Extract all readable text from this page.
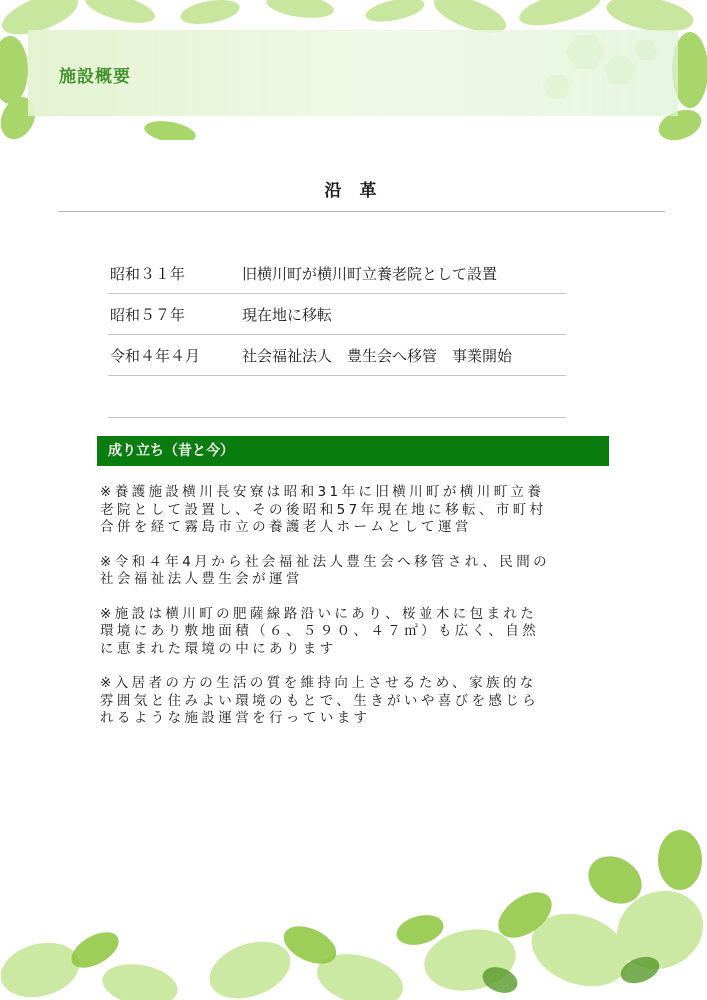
施設概要
沿 革
昭和３１年	旧横川町が横川町立養老院として設置
昭和５７年	現在地に移転
令和４年４月	社会福祉法人　豊生会へ移管　事業開始
成り立ち（昔と今）

※養護施設横川長安寮は昭和31年に旧横川町が横川町立養
老院として設置し、その後昭和57年現在地に移転、市町村
合併を経て霧島市立の養護老人ホームとして運営

※令和４年4月から社会福祉法人豊生会へ移管され、民間の
社会福祉法人豊生会が運営

※施設は横川町の肥薩線路沿いにあり、桜並木に包まれた
環境にあり敷地面積（６、５９０、４７㎡）も広く、自然
に恵まれた環境の中にあります

※入居者の方の生活の質を維持向上させるため、家族的な
雰囲気と住みよい環境のもとで、生きがいや喜びを感じら
れるような施設運営を行っています
